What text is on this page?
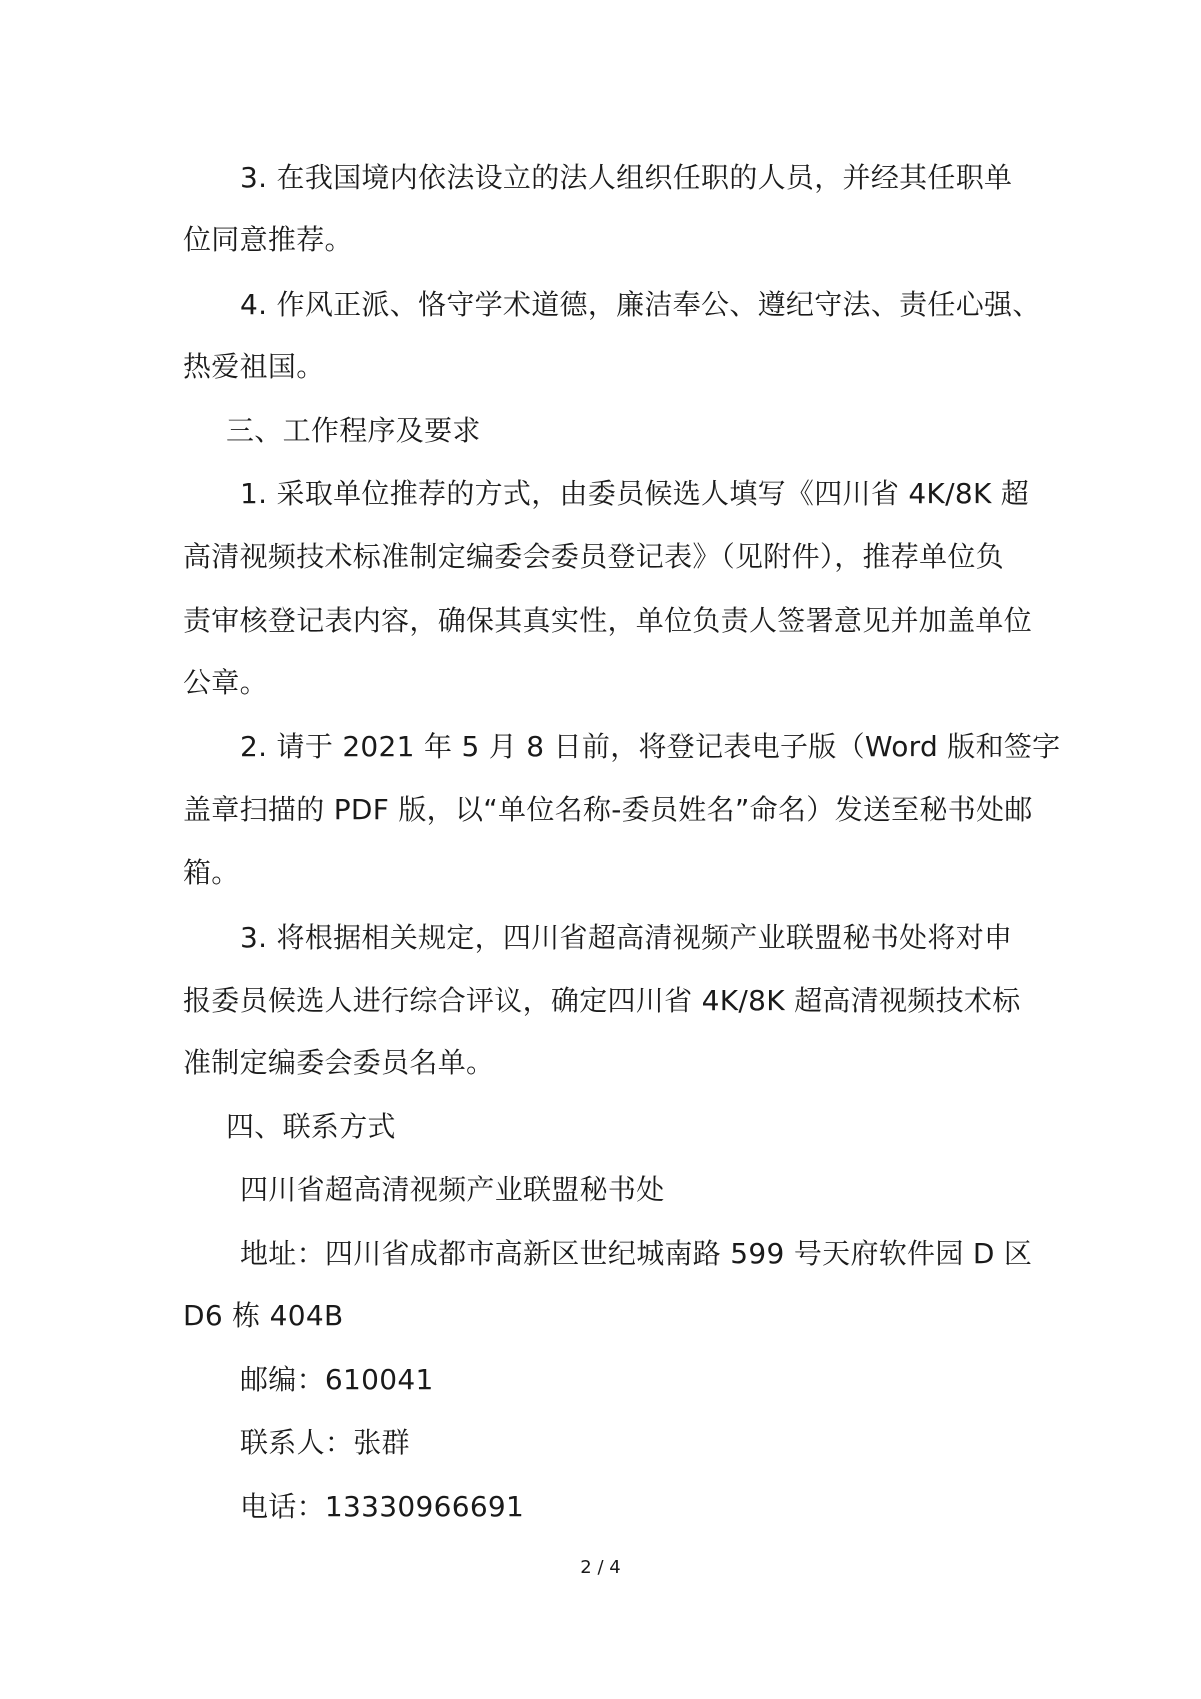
3. 在我国境内依法设立的法人组织任职的人员，并经其任职单
位同意推荐。
4. 作风正派、恪守学术道德，廉洁奉公、遵纪守法、责任心强、
热爱祖国。
三、工作程序及要求
1. 采取单位推荐的方式，由委员候选人填写《四川省 4K/8K 超
高清视频技术标准制定编委会委员登记表》（见附件），推荐单位负
责审核登记表内容，确保其真实性，单位负责人签署意见并加盖单位
公章。
2. 请于 2021 年 5 月 8 日前，将登记表电子版（Word 版和签字
盖章扫描的 PDF 版，以“单位名称-委员姓名”命名）发送至秘书处邮
箱。
3. 将根据相关规定，四川省超高清视频产业联盟秘书处将对申
报委员候选人进行综合评议，确定四川省 4K/8K 超高清视频技术标
准制定编委会委员名单。
四、联系方式
四川省超高清视频产业联盟秘书处
地址：四川省成都市高新区世纪城南路 599 号天府软件园 D 区
D6 栋 404B
邮编：610041
联系人：张群
电话：13330966691
2 / 4
